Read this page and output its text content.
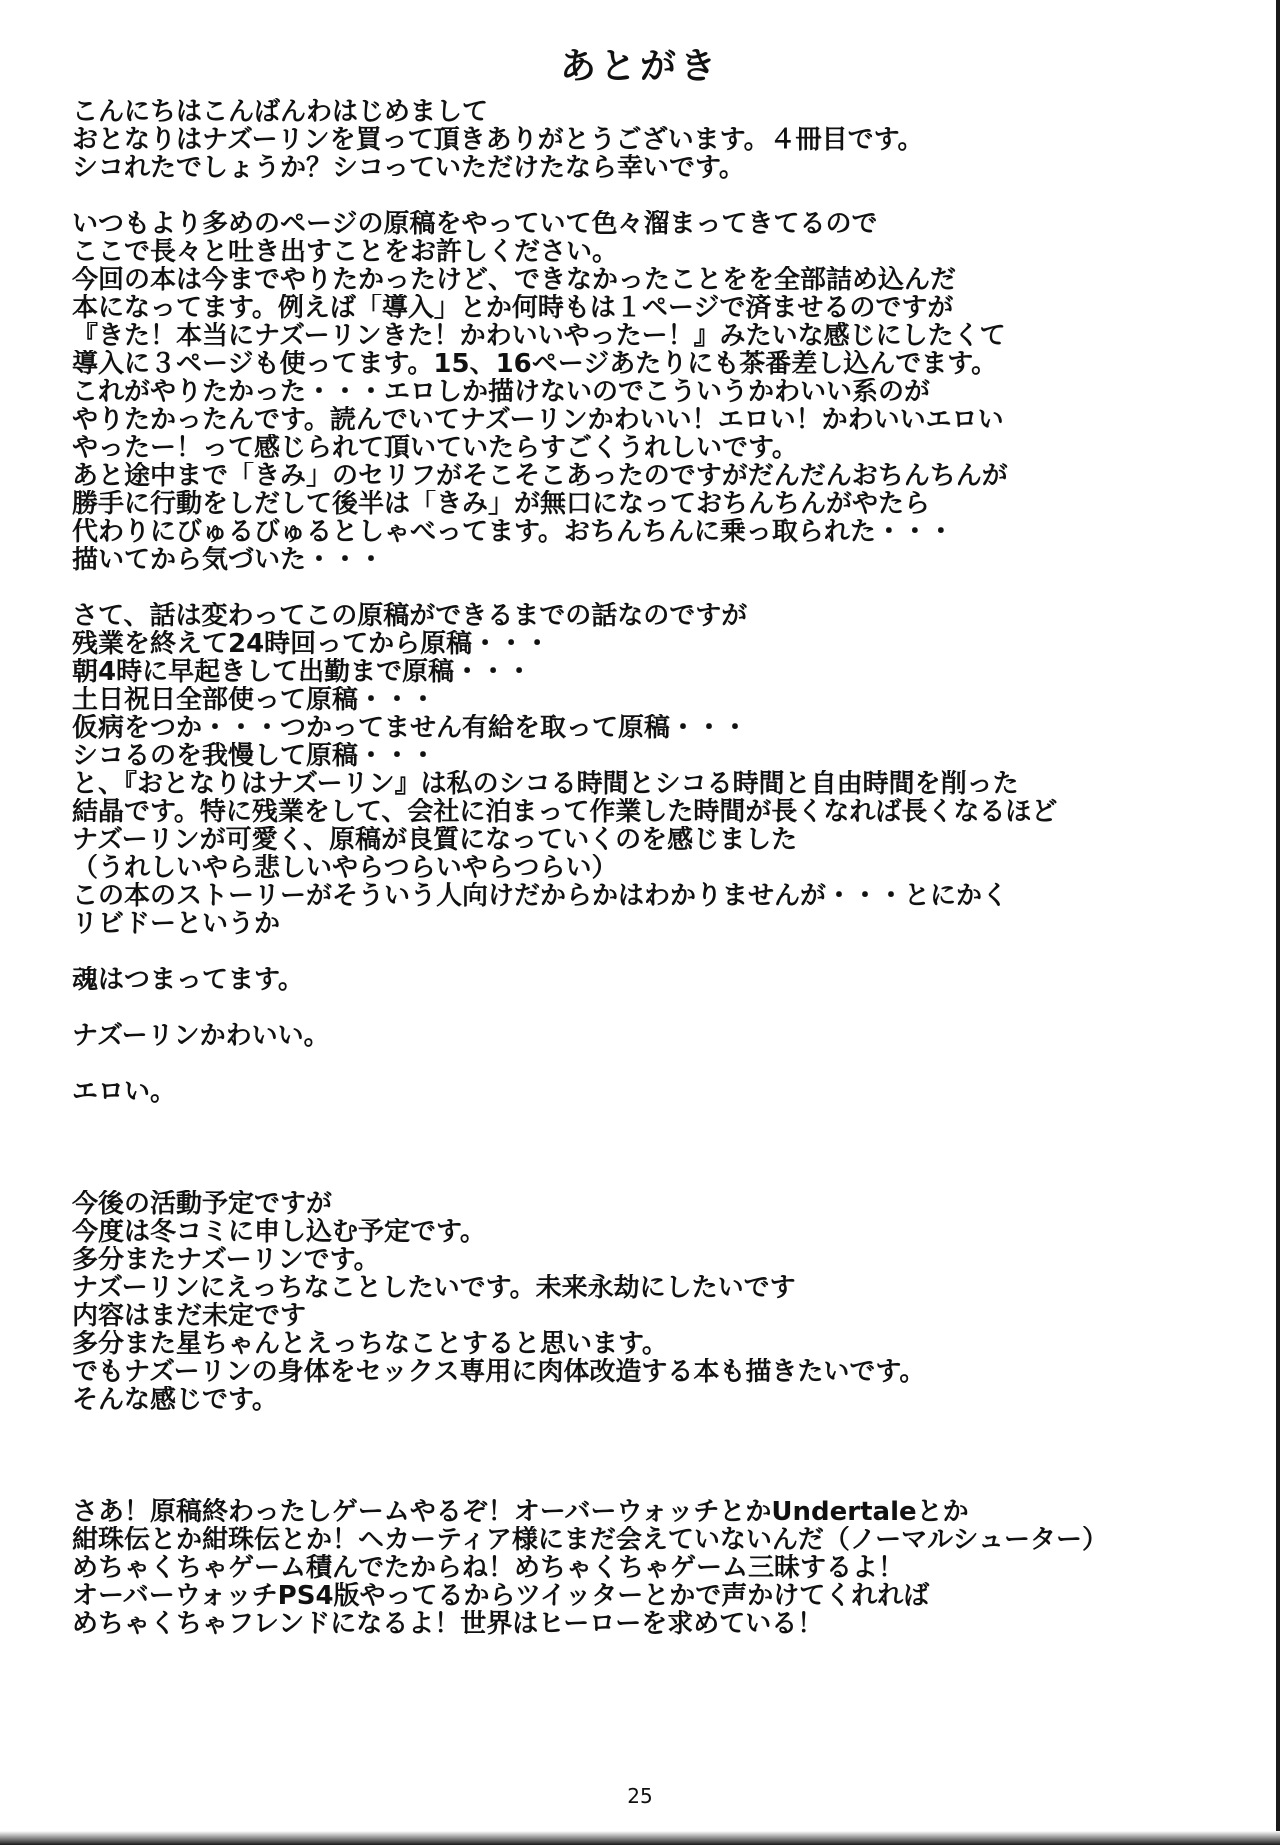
あとがき
こんにちはこんばんわはじめまして
おとなりはナズーリンを買って頂きありがとうございます。４冊目です。
シコれたでしょうか？シコっていただけたなら幸いです。
いつもより多めのページの原稿をやっていて色々溜まってきてるので
ここで長々と吐き出すことをお許しください。
今回の本は今までやりたかったけど、できなかったことをを全部詰め込んだ
本になってます。例えば「導入」とか何時もは１ページで済ませるのですが
『きた！本当にナズーリンきた！かわいいやったー！』みたいな感じにしたくて
導入に３ページも使ってます。15、16ページあたりにも茶番差し込んでます。
これがやりたかった・・・エロしか描けないのでこういうかわいい系のが
やりたかったんです。読んでいてナズーリンかわいい！エロい！かわいいエロい
やったー！って感じられて頂いていたらすごくうれしいです。
あと途中まで「きみ」のセリフがそこそこあったのですがだんだんおちんちんが
勝手に行動をしだして後半は「きみ」が無口になっておちんちんがやたら
代わりにびゅるびゅるとしゃべってます。おちんちんに乗っ取られた・・・
描いてから気づいた・・・
さて、話は変わってこの原稿ができるまでの話なのですが
残業を終えて24時回ってから原稿・・・
朝4時に早起きして出勤まで原稿・・・
土日祝日全部使って原稿・・・
仮病をつか・・・つかってません有給を取って原稿・・・
シコるのを我慢して原稿・・・
と、『おとなりはナズーリン』は私のシコる時間とシコる時間と自由時間を削った
結晶です。特に残業をして、会社に泊まって作業した時間が長くなれば長くなるほど
ナズーリンが可愛く、原稿が良質になっていくのを感じました
（うれしいやら悲しいやらつらいやらつらい）
この本のストーリーがそういう人向けだからかはわかりませんが・・・とにかく
リビドーというか
魂はつまってます。
ナズーリンかわいい。
エロい。
今後の活動予定ですが
今度は冬コミに申し込む予定です。
多分またナズーリンです。
ナズーリンにえっちなことしたいです。未来永劫にしたいです
内容はまだ未定です
多分また星ちゃんとえっちなことすると思います。
でもナズーリンの身体をセックス専用に肉体改造する本も描きたいです。
そんな感じです。
さあ！原稿終わったしゲームやるぞ！オーバーウォッチとかUndertaleとか
紺珠伝とか紺珠伝とか！ヘカーティア様にまだ会えていないんだ（ノーマルシューター）
めちゃくちゃゲーム積んでたからね！めちゃくちゃゲーム三昧するよ！
オーバーウォッチPS4版やってるからツイッターとかで声かけてくれれば
めちゃくちゃフレンドになるよ！世界はヒーローを求めている！
25
